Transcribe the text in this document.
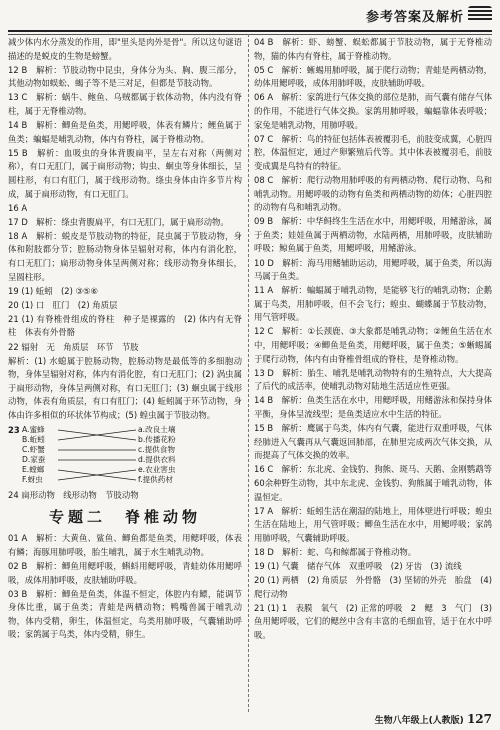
参考答案及解析
减少体内水分蒸发的作用，即"里头是肉外是骨"。所以这句谜语描述的是蜕皮的生物是螃蟹。
12 B　解析：节肢动物中昆虫，身体分为头、胸、腹三部分，其他动物如蜈蚣、蝎子等不是三对足，但都是节肢动物。
13 C　解析：蜗牛、鲍鱼、乌贼都属于软体动物，体内没有脊柱，属于无脊椎动物。
14 B　解析：鲫鱼是鱼类，用鳃呼吸，体表有鳞片；鲤鱼属于鱼类；蝙蝠是哺乳动物，体内有脊柱，属于脊椎动物。
15 B　解析：血吸虫的身体背腹扁平，呈左右对称（两侧对称），有口无肛门，属于扁形动物；钩虫、蛔虫等身体细长，呈圆柱形，有口有肛门，属于线形动物。绦虫身体由许多节片构成，属于扁形动物，有口无肛门。
16 A
17 D　解析：绦虫背腹扁平，有口无肛门，属于扁形动物。
18 A　解析：蜕皮是节肢动物的特征，昆虫属于节肢动物，身体和附肢都分节；腔肠动物身体呈辐射对称，体内有消化腔，有口无肛门；扁形动物身体呈两侧对称；线形动物身体细长，呈圆柱形。
19 (1) 蚯蚓　(2) ③⑤⑥
20 (1) 口　肛门　(2) 角质层
21 (1) 有脊椎骨组成的脊柱　种子是裸露的　(2) 体内有无脊柱　体表有外骨骼
22 辐射　无　角质层　环节　节肢
解析：(1) 水螅属于腔肠动物，腔肠动物是最低等的多细胞动物，身体呈辐射对称，体内有消化腔，有口无肛门；(2) 涡虫属于扁形动物，身体呈两侧对称，有口无肛门；(3) 蛔虫属于线形动物，体表有角质层，有口有肛门；(4) 蚯蚓属于环节动物，身体由许多相似的环状体节构成；(5) 蝗虫属于节肢动物。
23 A.蜜蜂
B.蚯蚓
C.虾蟹
D.家蚕
E.螳螂
F.蚜虫
a.改良土壤
b.传播花粉
c.提供食物
d.提供衣料
e.农业害虫
f.提供药材
24 扁形动物　线形动物　节肢动物
专题二　脊椎动物
01 A　解析：大黄鱼、鲨鱼、鲫鱼都是鱼类，用鳃呼吸，体表有鳞；海豚用肺呼吸，胎生哺乳，属于水生哺乳动物。
02 B　解析：鲫鱼用鳃呼吸，蝌蚪用鳃呼吸，青蛙幼体用鳃呼吸，成体用肺呼吸，皮肤辅助呼吸。
03 B　解析：鲫鱼是鱼类，体温不恒定，体腔内有鳔，能调节身体比重，属于鱼类；青蛙是两栖动物；鸭嘴兽属于哺乳动物，体内受精，卵生，体温恒定，鸟类用肺呼吸，气囊辅助呼吸；家鸽属于鸟类，体内受精，卵生。
04 B　解析：虾、螃蟹、蜈蚣都属于节肢动物，属于无脊椎动物，猫的体内有脊柱，属于脊椎动物。
05 C　解析：蜥蜴用肺呼吸，属于爬行动物；青蛙是两栖动物，幼体用鳃呼吸，成体用肺呼吸，皮肤辅助呼吸。
06 A　解析：家鸽进行气体交换的部位是肺，而气囊有储存气体的作用，不能进行气体交换。家鸽用肺呼吸，蝙蝠靠体表呼吸；家兔是哺乳动物，用肺呼吸。
07 C　解析：鸟的特征包括体表被覆羽毛，前肢变成翼，心脏四腔，体温恒定，通过产卵繁殖后代等。其中体表被覆羽毛，前肢变成翼是鸟特有的特征。
08 C　解析：爬行动物用肺呼吸的有两栖动物、爬行动物、鸟和哺乳动物。用鳃呼吸的动物有鱼类和两栖动物的幼体；心脏四腔的动物有鸟和哺乳动物。
09 B　解析：中华鲟终生生活在水中，用鳃呼吸，用鳍游泳，属于鱼类；娃娃鱼属于两栖动物，水陆两栖，用肺呼吸，皮肤辅助呼吸；鲸鱼属于鱼类，用鳃呼吸，用鳍游泳。
10 D　解析：海马用鳍辅助运动，用鳃呼吸，属于鱼类，所以海马属于鱼类。
11 A　解析：蝙蝠属于哺乳动物，是能够飞行的哺乳动物；企鹅属于鸟类，用肺呼吸，但不会飞行；蝗虫、蝴蝶属于节肢动物，用气管呼吸。
12 C　解析：①长颈鹿、③大象都是哺乳动物；②鲤鱼生活在水中，用鳃呼吸；④鲫鱼是鱼类，用鳃呼吸，属于鱼类；⑤蜥蜴属于爬行动物，体内有由脊椎骨组成的脊柱，是脊椎动物。
13 D　解析：胎生、哺乳是哺乳动物特有的生殖特点，大大提高了后代的成活率，使哺乳动物对陆地生活适应性更强。
14 B　解析：鱼类生活在水中，用鳃呼吸，用鳍游泳和保持身体平衡，身体呈流线型；是鱼类适应水中生活的特征。
15 B　解析：鹰属于鸟类，体内有气囊，能进行双重呼吸，气体经肺进入气囊再从气囊返回肺部，在肺里完成两次气体交换，从而提高了气体交换的效率。
16 C　解析：东北虎、金钱豹、狗熊、斑马、天鹅、金刚鹦鹉等60余种野生动物，其中东北虎、金钱豹、狗熊属于哺乳动物，体温恒定。
17 A　解析：蚯蚓生活在潮湿的陆地上，用体壁进行呼吸；蝗虫生活在陆地上，用气管呼吸；鲫鱼生活在水中，用鳃呼吸；家鸽用肺呼吸，气囊辅助呼吸。
18 D　解析：蛇、鸟和鲸都属于脊椎动物。
19 (1) 气囊　储存气体　双重呼吸　(2) 牙齿　(3) 流线
20 (1) 两栖　(2) 角质层　外骨骼　(3) 坚韧的外壳　胎盘　(4) 爬行动物
21 (1) 1　表膜　氧气　(2) 正常的呼吸　2　鳃　3　气门　(3) 鱼用鳃呼吸，它们的鳃丝中含有丰富的毛细血管，适于在水中呼吸。
生物八年级上(人教版) 127
